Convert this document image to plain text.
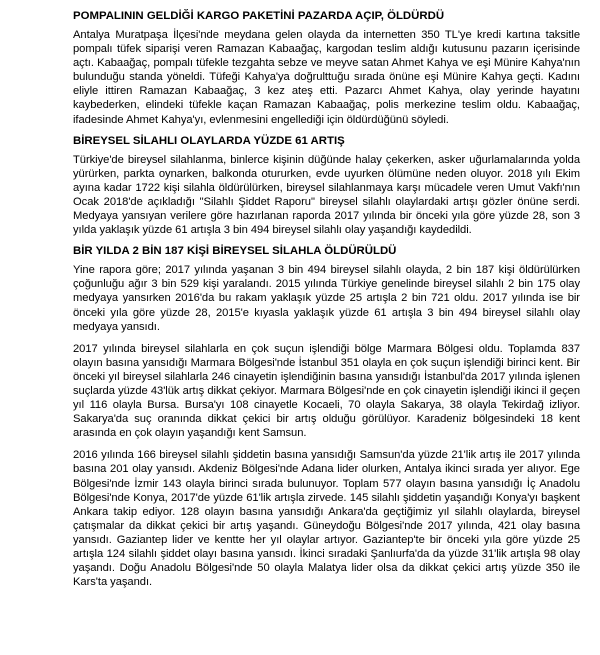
POMPALININ GELDİĞİ KARGO PAKETİNİ PAZARDA AÇIP, ÖLDÜRDÜ

Antalya Muratpaşa İlçesi'nde meydana gelen olayda da internetten 350 TL'ye kredi kartına taksitle pompalı tüfek siparişi veren Ramazan Kabaağaç, kargodan teslim aldığı kutusunu pazarın içerisinde açtı. Kabaağaç, pompalı tüfekle tezgahta sebze ve meyve satan Ahmet Kahya ve eşi Münire Kahya'nın bulunduğu standa yöneldi. Tüfeği Kahya'ya doğrulttuğu sırada önüne eşi Münire Kahya geçti. Kadını eliyle ittiren Ramazan Kabaağaç, 3 kez ateş etti. Pazarcı Ahmet Kahya, olay yerinde hayatını kaybederken, elindeki tüfekle kaçan Ramazan Kabaağaç, polis merkezine teslim oldu. Kabaağaç, ifadesinde Ahmet Kahya'yı, evlenmesini engellediği için öldürdüğünü söyledi.

BİREYSEL SİLAHLI OLAYLARDA YÜZDE 61 ARTIŞ

Türkiye'de bireysel silahlanma, binlerce kişinin düğünde halay çekerken, asker uğurlamalarında yolda yürürken, parkta oynarken, balkonda otururken, evde uyurken ölümüne neden oluyor. 2018 yılı Ekim ayına kadar 1722 kişi silahla öldürülürken, bireysel silahlanmaya karşı mücadele veren Umut Vakfı'nın Ocak 2018'de açıkladığı "Silahlı Şiddet Raporu" bireysel silahlı olaylardaki artışı gözler önüne serdi. Medyaya yansıyan verilere göre hazırlanan raporda 2017 yılında bir önceki yıla göre yüzde 28, son 3 yılda yaklaşık yüzde 61 artışla 3 bin 494 bireysel silahlı olay yaşandığı kaydedildi.

BİR YILDA 2 BİN 187 KİŞİ BİREYSEL SİLAHLA ÖLDÜRÜLDÜ

Yine rapora göre; 2017 yılında yaşanan 3 bin 494 bireysel silahlı olayda, 2 bin 187 kişi öldürülürken çoğunluğu ağır 3 bin 529 kişi yaralandı. 2015 yılında Türkiye genelinde bireysel silahlı 2 bin 175 olay medyaya yansırken 2016'da bu rakam yaklaşık yüzde 25 artışla 2 bin 721 oldu. 2017 yılında ise bir önceki yıla göre yüzde 28, 2015'e kıyasla yaklaşık yüzde 61 artışla 3 bin 494 bireysel silahlı olay medyaya yansıdı.

2017 yılında bireysel silahlarla en çok suçun işlendiği bölge Marmara Bölgesi oldu. Toplamda 837 olayın basına yansıdığı Marmara Bölgesi'nde İstanbul 351 olayla en çok suçun işlendiği birinci kent. Bir önceki yıl bireysel silahlarla 246 cinayetin işlendiğinin basına yansıdığı İstanbul'da 2017 yılında işlenen suçlarda yüzde 43'lük artış dikkat çekiyor. Marmara Bölgesi'nde en çok cinayetin işlendiği ikinci il geçen yıl 116 olayla Bursa. Bursa'yı 108 cinayetle Kocaeli, 70 olayla Sakarya, 38 olayla Tekirdağ izliyor. Sakarya'da suç oranında dikkat çekici bir artış olduğu görülüyor. Karadeniz bölgesindeki 18 kent arasında en çok olayın yaşandığı kent Samsun.

2016 yılında 166 bireysel silahlı şiddetin basına yansıdığı Samsun'da yüzde 21'lik artış ile 2017 yılında basına 201 olay yansıdı. Akdeniz Bölgesi'nde Adana lider olurken, Antalya ikinci sırada yer alıyor. Ege Bölgesi'nde İzmir 143 olayla birinci sırada bulunuyor. Toplam 577 olayın basına yansıdığı İç Anadolu Bölgesi'nde Konya, 2017'de yüzde 61'lik artışla zirvede. 145 silahlı şiddetin yaşandığı Konya'yı başkent Ankara takip ediyor. 128 olayın basına yansıdığı Ankara'da geçtiğimiz yıl silahlı olaylarda, bireysel çatışmalar da dikkat çekici bir artış yaşandı. Güneydoğu Bölgesi'nde 2017 yılında, 421 olay basına yansıdı. Gaziantep lider ve kentte her yıl olaylar artıyor. Gaziantep'te bir önceki yıla göre yüzde 25 artışla 124 silahlı şiddet olayı basına yansıdı. İkinci sıradaki Şanlıurfa'da da yüzde 31'lik artışla 98 olay yaşandı. Doğu Anadolu Bölgesi'nde 50 olayla Malatya lider olsa da dikkat çekici artış yüzde 350 ile Kars'ta yaşandı.
